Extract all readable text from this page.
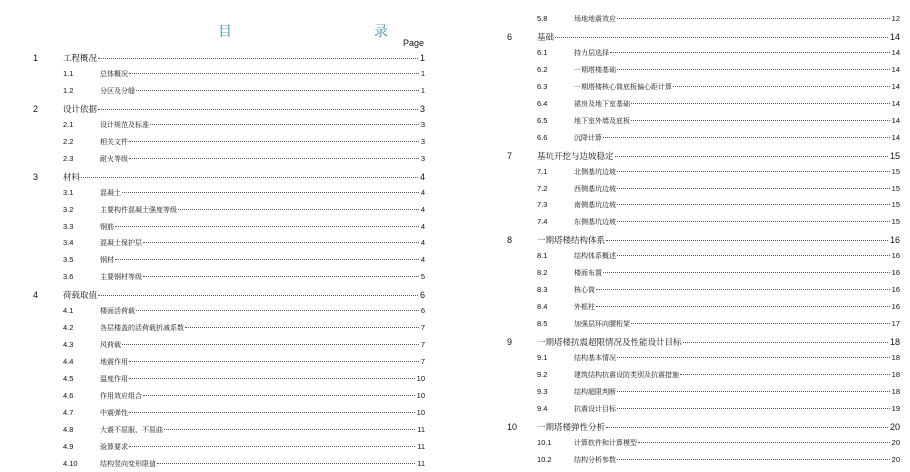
目　　录
Page
1	工程概况	1
1.1	总体概况	1
1.2	分区及分缝	1
2	设计依据	3
2.1	设计规范及标准	3
2.2	相关文件	3
2.3	耐火等级	3
3	材料	4
3.1	混凝土	4
3.2	主要构件混凝土强度等级	4
3.3	钢筋	4
3.4	混凝土保护层	4
3.5	钢材	4
3.6	主要钢材等级	5
4	荷载取值	6
4.1	楼面活荷载	6
4.2	各层楼盖的活荷载折减系数	7
4.3	风荷载	7
4.4	地震作用	7
4.5	温度作用	10
4.6	作用效应组合	10
4.7	中震弹性	10
4.8	大震不屈服、不屈曲	11
4.9	验算要求	11
4.10	结构竖向变形限值	11
5.8	场地地震效应	12
6	基础	14
6.1	持力层选择	14
6.2	一期塔楼基础	14
6.3	一期塔楼核心筒底板偏心距计算	14
6.4	裙房及地下室基础	14
6.5	地下室外墙及底板	14
6.6	沉降计算	14
7	基坑开挖与边坡稳定	15
7.1	北侧基坑边坡	15
7.2	西侧基坑边坡	15
7.3	南侧基坑边坡	15
7.4	东侧基坑边坡	15
8	一期塔楼结构体系	16
8.1	结构体系概述	16
8.2	楼面布置	16
8.3	核心筒	16
8.4	外框柱	16
8.5	加强层环向腰桁架	17
9	一期塔楼抗震超限情况及性能设计目标	18
9.1	结构基本情况	18
9.2	建筑结构抗震设防类别及抗震措施	18
9.3	结构超限判断	18
9.4	抗震设计目标	19
10	一期塔楼弹性分析	20
10.1	计算软件和计算模型	20
10.2	结构分析参数	20
